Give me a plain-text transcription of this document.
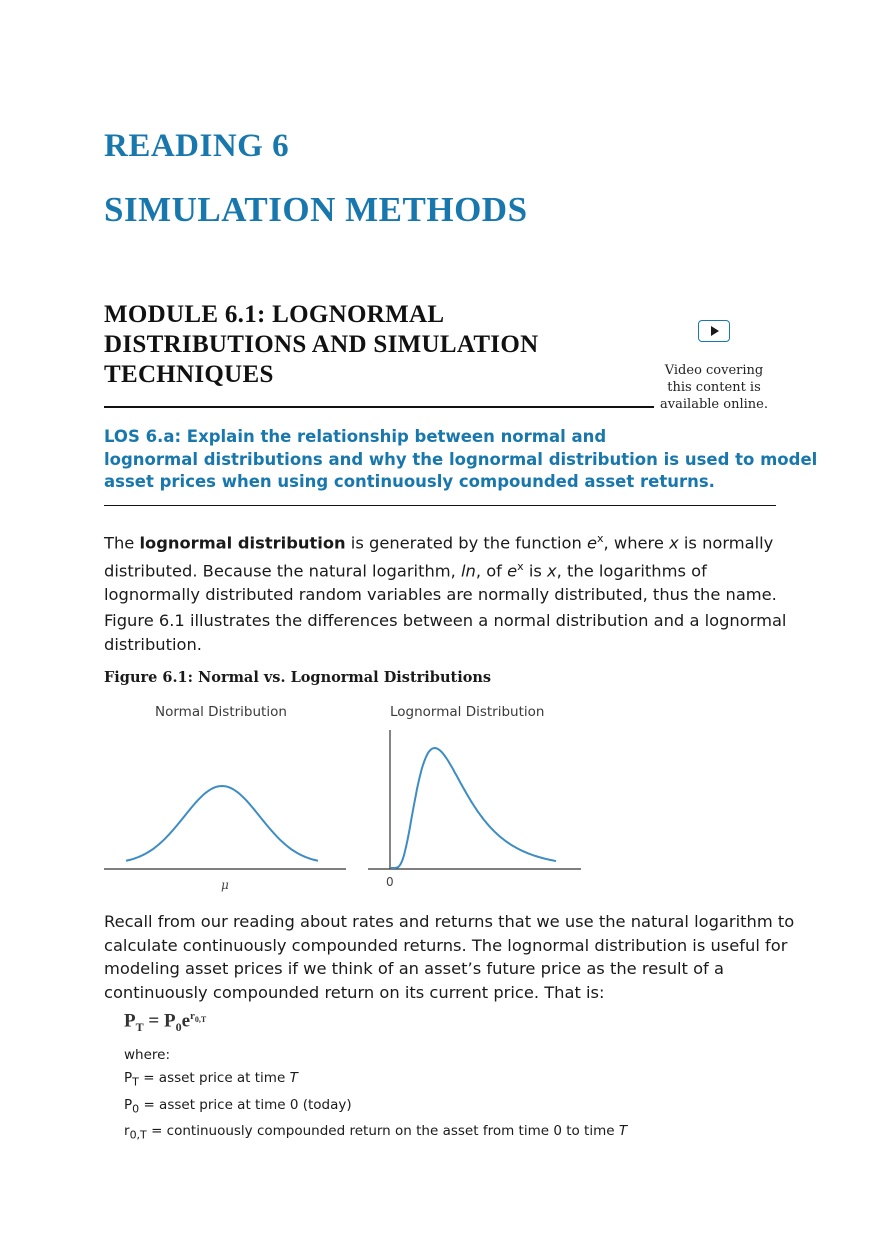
READING 6
SIMULATION METHODS
MODULE 6.1: LOGNORMAL DISTRIBUTIONS AND SIMULATION TECHNIQUES	Video covering
this content is
available online.
LOS 6.a: Explain the relationship between normal and
lognormal distributions and why the lognormal distribution is used to model
asset prices when using continuously compounded asset returns.
The lognormal distribution is generated by the function $e^x$, where x is normally
distributed. Because the natural logarithm, ln, of $e^x$ is x, the logarithms of
lognormally distributed random variables are normally distributed, thus the name.
Figure 6.1 illustrates the differences between a normal distribution and a lognormal
distribution.
Figure 6.1: Normal vs. Lognormal Distributions
Normal Distribution
μ
Lognormal Distribution
0
Recall from our reading about rates and returns that we use the natural logarithm to
calculate continuously compounded returns. The lognormal distribution is useful for
modeling asset prices if we think of an asset’s future price as the result of a
continuously compounded return on its current price. That is:
$P_T = P_0e^{r_{0,T}}$
where:
$P_T$ = asset price at time T
$P_0$ = asset price at time 0 (today)
$r_{0,T}$ = continuously compounded return on the asset from time 0 to time T
